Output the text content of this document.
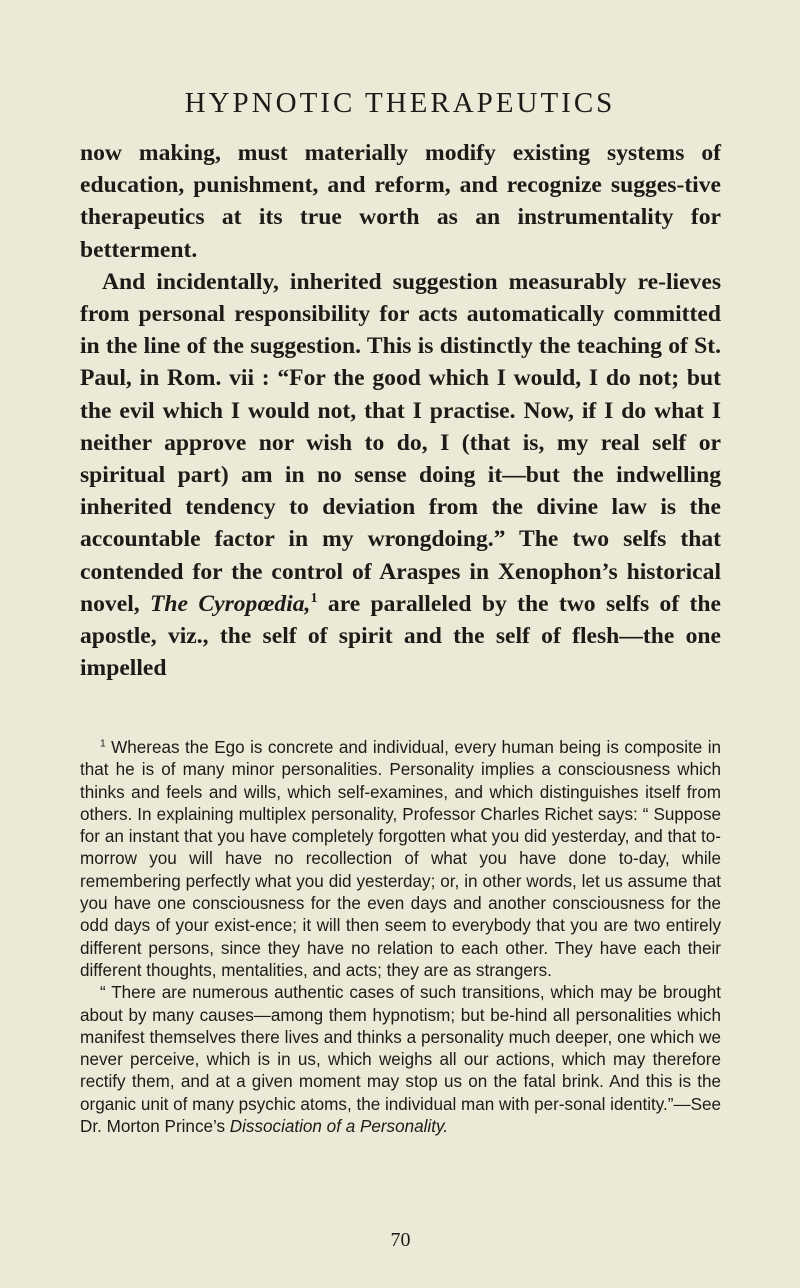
HYPNOTIC THERAPEUTICS

now making, must materially modify existing systems of education, punishment, and reform, and recognize sugges-tive therapeutics at its true worth as an instrumentality for betterment.

And incidentally, inherited suggestion measurably re-lieves from personal responsibility for acts automatically committed in the line of the suggestion. This is distinctly the teaching of St. Paul, in Rom. vii : “For the good which I would, I do not; but the evil which I would not, that I practise. Now, if I do what I neither approve nor wish to do, I (that is, my real self or spiritual part) am in no sense doing it—but the indwelling inherited tendency to deviation from the divine law is the accountable factor in my wrongdoing.” The two selfs that contended for the control of Araspes in Xenophon’s historical novel, The Cyropœdia,$^1$ are paralleled by the two selfs of the apostle, viz., the self of spirit and the self of flesh—the one impelled

$^1$ Whereas the Ego is concrete and individual, every human being is composite in that he is of many minor personalities. Personality implies a consciousness which thinks and feels and wills, which self-examines, and which distinguishes itself from others. In explaining multiplex personality, Professor Charles Richet says: “ Suppose for an instant that you have completely forgotten what you did yesterday, and that to-morrow you will have no recollection of what you have done to-day, while remembering perfectly what you did yesterday; or, in other words, let us assume that you have one consciousness for the even days and another consciousness for the odd days of your exist-ence; it will then seem to everybody that you are two entirely different persons, since they have no relation to each other. They have each their different thoughts, mentalities, and acts; they are as strangers.

“ There are numerous authentic cases of such transitions, which may be brought about by many causes—among them hypnotism; but be-hind all personalities which manifest themselves there lives and thinks a personality much deeper, one which we never perceive, which is in us, which weighs all our actions, which may therefore rectify them, and at a given moment may stop us on the fatal brink. And this is the organic unit of many psychic atoms, the individual man with per-sonal identity.”—See Dr. Morton Prince’s Dissociation of a Personality.

70
